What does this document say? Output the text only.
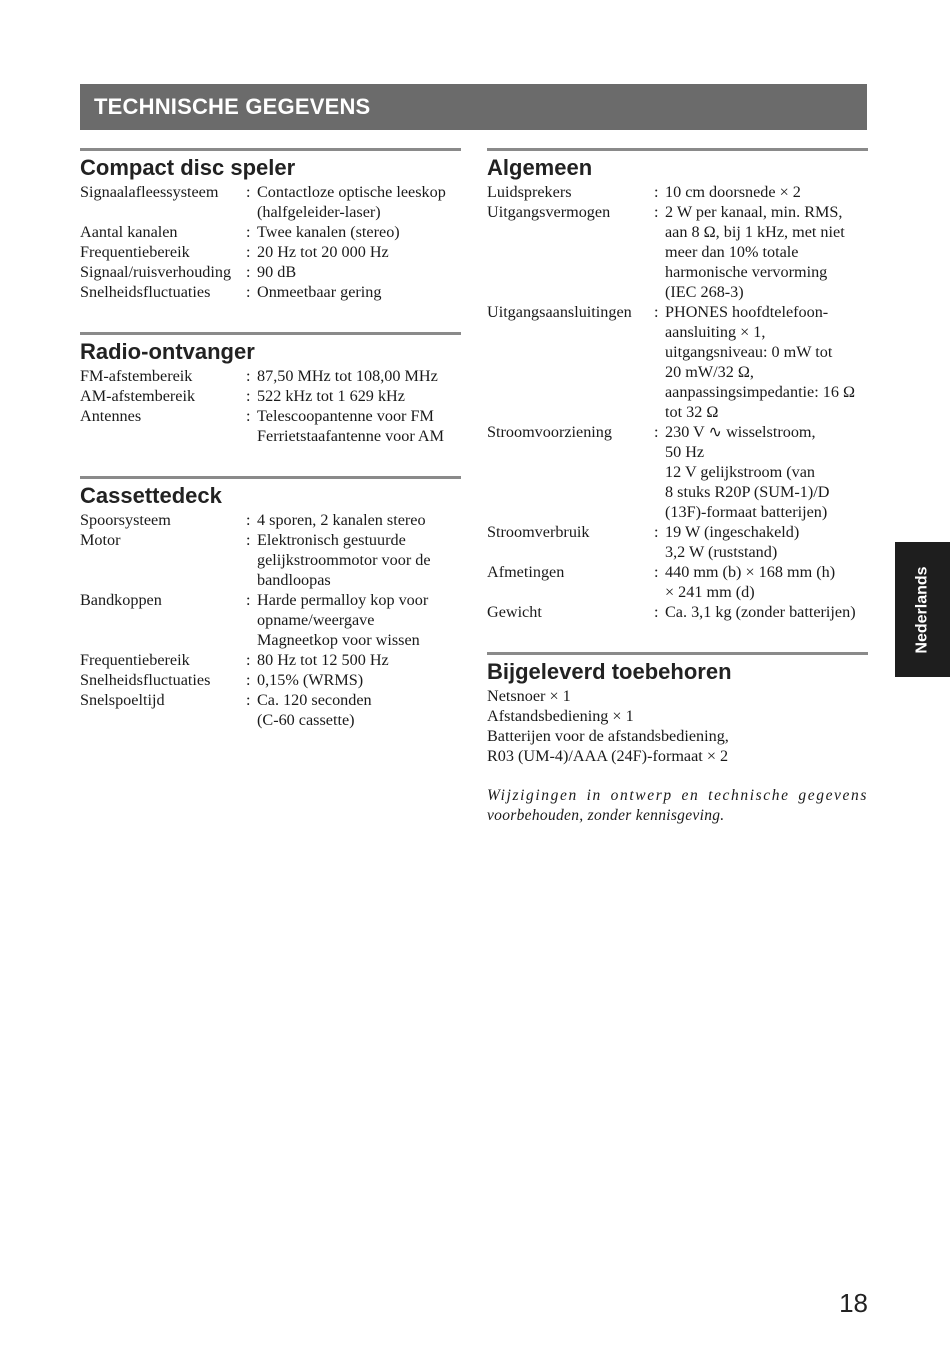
TECHNISCHE GEGEVENS
Compact disc speler
Signaalafleessysteem	: Contactloze optische leeskop
(halfgeleider-laser)
Aantal kanalen	: Twee kanalen (stereo)
Frequentiebereik	: 20 Hz tot 20 000 Hz
Signaal/ruisverhouding : 90 dB
Snelheidsfluctuaties	: Onmeetbaar gering
Radio-ontvanger
FM-afstembereik	: 87,50 MHz tot 108,00 MHz
AM-afstembereik	: 522 kHz tot 1 629 kHz
Antennes	: Telescoopantenne voor FM
Ferrietstaafantenne voor AM
Cassettedeck
Spoorsysteem	: 4 sporen, 2 kanalen stereo
Motor	: Elektronisch gestuurde
gelijkstroommotor voor de
bandloopas
Bandkoppen	: Harde permalloy kop voor
opname/weergave
Magneetkop voor wissen
Frequentiebereik	: 80 Hz tot 12 500 Hz
Snelheidsfluctuaties	: 0,15% (WRMS)
Snelspoeltijd	: Ca. 120 seconden
(C-60 cassette)
Algemeen
Luidsprekers	: 10 cm doorsnede × 2
Uitgangsvermogen	: 2 W per kanaal, min. RMS,
aan 8 Ω, bij 1 kHz, met niet
meer dan 10% totale
harmonische vervorming
(IEC 268-3)
Uitgangsaansluitingen	: PHONES hoofdtelefoon-
aansluiting × 1,
uitgangsniveau: 0 mW tot
20 mW/32 Ω,
aanpassingsimpedantie: 16 Ω
tot 32 Ω
Stroomvoorziening	: 230 V ∿ wisselstroom,
50 Hz
12 V gelijkstroom (van
8 stuks R20P (SUM-1)/D
(13F)-formaat batterijen)
Stroomverbruik	: 19 W (ingeschakeld)
3,2 W (ruststand)
Afmetingen	: 440 mm (b) × 168 mm (h)
× 241 mm (d)
Gewicht	: Ca. 3,1 kg (zonder batterijen)
Bijgeleverd toebehoren
Netsnoer × 1
Afstandsbediening × 1
Batterijen voor de afstandsbediening,
R03 (UM-4)/AAA (24F)-formaat × 2
Wijzigingen in ontwerp en technische gegevens
voorbehouden, zonder kennisgeving.
Nederlands
18
